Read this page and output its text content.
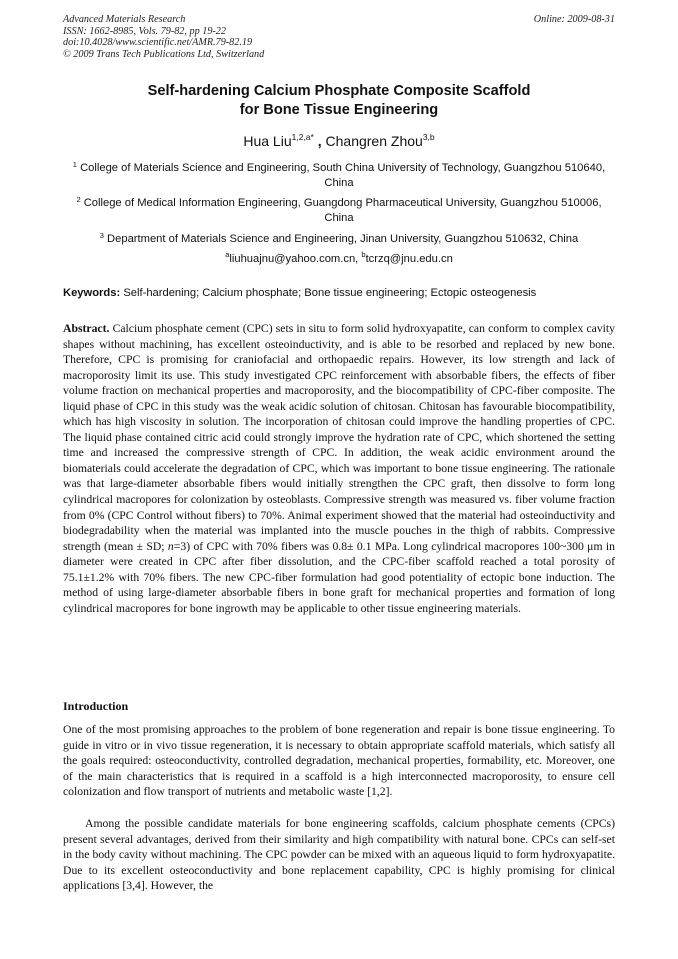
Advanced Materials Research	Online: 2009-08-31
ISSN: 1662-8985, Vols. 79-82, pp 19-22
doi:10.4028/www.scientific.net/AMR.79-82.19
© 2009 Trans Tech Publications Ltd, Switzerland
Self-hardening Calcium Phosphate Composite Scaffold
for Bone Tissue Engineering
Hua Liu$^{1,2,a*}$ , Changren Zhou$^{3,b}$
$^1$ College of Materials Science and Engineering, South China University of Technology, Guangzhou 510640, China
$^2$ College of Medical Information Engineering, Guangdong Pharmaceutical University, Guangzhou 510006, China
$^3$ Department of Materials Science and Engineering, Jinan University, Guangzhou 510632, China
$^a$liuhuajnu@yahoo.com.cn, $^b$tcrzq@jnu.edu.cn
Keywords: Self-hardening; Calcium phosphate; Bone tissue engineering; Ectopic osteogenesis
Abstract. Calcium phosphate cement (CPC) sets in situ to form solid hydroxyapatite, can conform to complex cavity shapes without machining, has excellent osteoinductivity, and is able to be resorbed and replaced by new bone. Therefore, CPC is promising for craniofacial and orthopaedic repairs. However, its low strength and lack of macroporosity limit its use. This study investigated CPC reinforcement with absorbable fibers, the effects of fiber volume fraction on mechanical properties and macroporosity, and the biocompatibility of CPC-fiber composite. The liquid phase of CPC in this study was the weak acidic solution of chitosan. Chitosan has favourable biocompatibility, which has high viscosity in solution. The incorporation of chitosan could improve the handling properties of CPC. The liquid phase contained citric acid could strongly improve the hydration rate of CPC, which shortened the setting time and increased the compressive strength of CPC. In addition, the weak acidic environment around the biomaterials could accelerate the degradation of CPC, which was important to bone tissue engineering. The rationale was that large-diameter absorbable fibers would initially strengthen the CPC graft, then dissolve to form long cylindrical macropores for colonization by osteoblasts. Compressive strength was measured vs. fiber volume fraction from 0% (CPC Control without fibers) to 70%. Animal experiment showed that the material had osteoinductivity and biodegradability when the material was implanted into the muscle pouches in the thigh of rabbits. Compressive strength (mean ± SD; n=3) of CPC with 70% fibers was 0.8± 0.1 MPa. Long cylindrical macropores 100~300 μm in diameter were created in CPC after fiber dissolution, and the CPC-fiber scaffold reached a total porosity of 75.1±1.2% with 70% fibers. The new CPC-fiber formulation had good potentiality of ectopic bone induction. The method of using large-diameter absorbable fibers in bone graft for mechanical properties and formation of long cylindrical macropores for bone ingrowth may be applicable to other tissue engineering materials.
Introduction
One of the most promising approaches to the problem of bone regeneration and repair is bone tissue engineering. To guide in vitro or in vivo tissue regeneration, it is necessary to obtain appropriate scaffold materials, which satisfy all the goals required: osteoconductivity, controlled degradation, mechanical properties, formability, etc. Moreover, one of the main characteristics that is required in a scaffold is a high interconnected macroporosity, to ensure cell colonization and flow transport of nutrients and metabolic waste [1,2].
Among the possible candidate materials for bone engineering scaffolds, calcium phosphate cements (CPCs) present several advantages, derived from their similarity and high compatibility with natural bone. CPCs can self-set in the body cavity without machining. The CPC powder can be mixed with an aqueous liquid to form hydroxyapatite. Due to its excellent osteoconductivity and bone replacement capability, CPC is highly promising for clinical applications [3,4]. However, the
